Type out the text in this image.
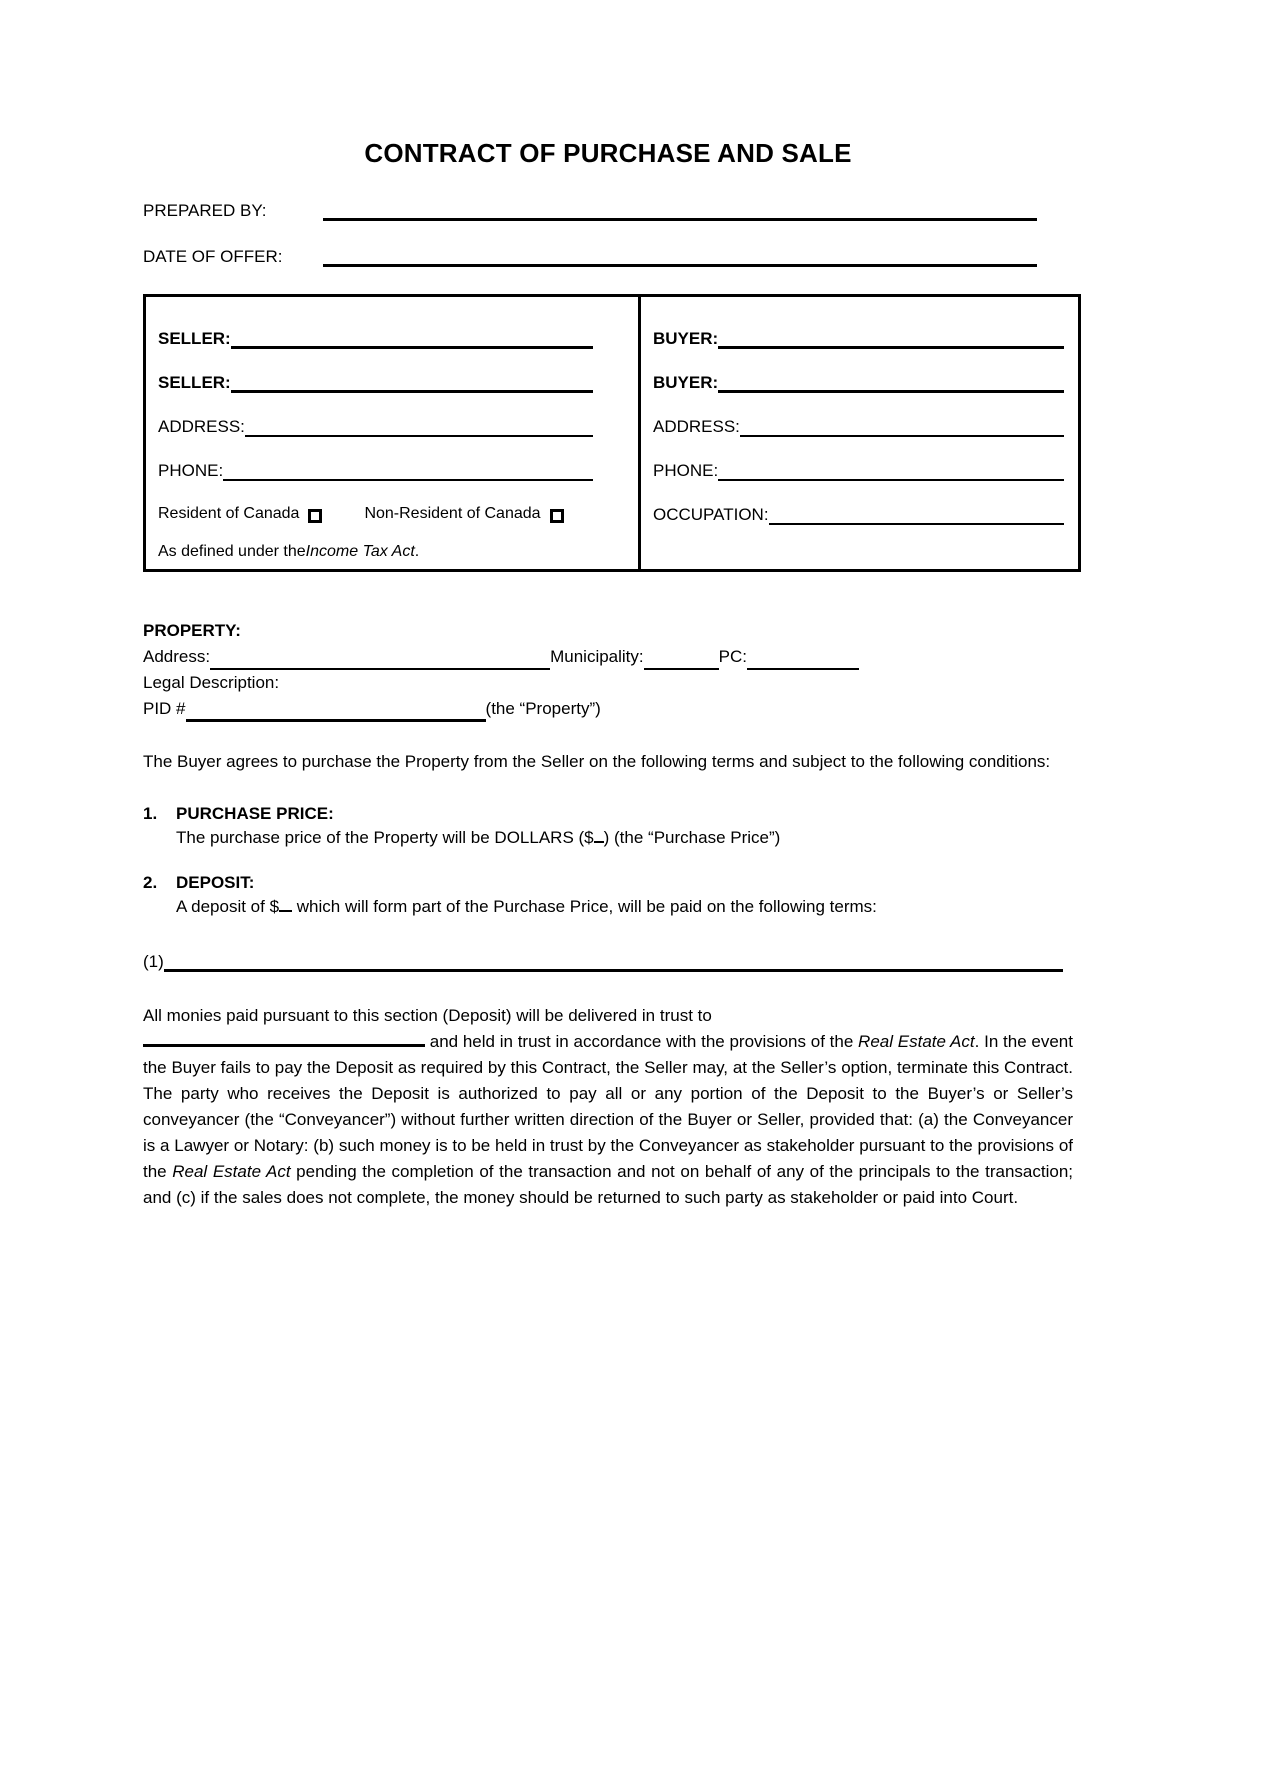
CONTRACT OF PURCHASE AND SALE
PREPARED BY:
DATE OF OFFER:
SELLER:
SELLER:
ADDRESS:
PHONE:
Resident of Canada	Non-Resident of Canada
As defined under the Income Tax Act .
BUYER:
BUYER:
ADDRESS:
PHONE:
OCCUPATION:
PROPERTY:
Address:	Municipality:	PC:
Legal Description:
PID #	(the “Property”)

The Buyer agrees to purchase the Property from the Seller on the following terms and subject to the following conditions:

1.	PURCHASE PRICE:

The purchase price of the Property will be DOLLARS ($ ) (the “Purchase Price”)

2.	DEPOSIT:

A deposit of $ which will form part of the Purchase Price, will be paid on the following terms:

(1)

All monies paid pursuant to this section (Deposit) will be delivered in trust to
and held in trust in accordance with the provisions of the Real Estate Act. In the event the Buyer fails to pay the Deposit as required by this Contract, the Seller may, at the Seller’s option, terminate this Contract. The party who receives the Deposit is authorized to pay all or any portion of the Deposit to the Buyer’s or Seller’s conveyancer (the “Conveyancer”) without further written direction of the Buyer or Seller, provided that: (a) the Conveyancer is a Lawyer or Notary: (b) such money is to be held in trust by the Conveyancer as stakeholder pursuant to the provisions of the Real Estate Act pending the completion of the transaction and not on behalf of any of the principals to the transaction; and (c) if the sales does not complete, the money should be returned to such party as stakeholder or paid into Court.
